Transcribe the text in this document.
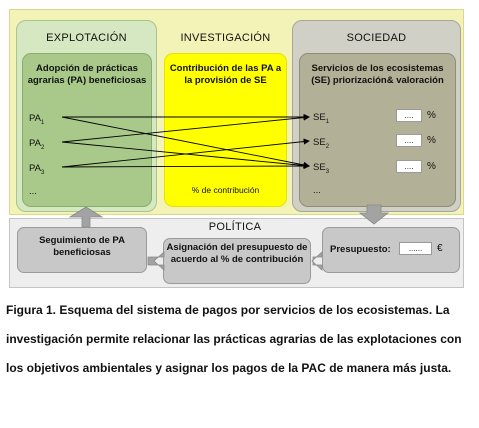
EXPLOTACIÓN
Adopción de prácticas agrarias (PA) beneficiosas
$PA_1$
$PA_2$
$PA_3$
...
INVESTIGACIÓN
Contribución de las PA a la provisión de SE
% de contribución
SOCIEDAD
Servicios de los ecosistemas (SE) priorización& valoración
$SE_1$
$SE_2$
$SE_3$
...
....	%
....	%
....	%
POLÍTICA
Seguimiento de PA beneficiosas	Asignación del presupuesto de acuerdo al % de contribución
Presupuesto:	......	€
Figura 1. Esquema del sistema de pagos por servicios de los ecosistemas. La investigación permite relacionar las prácticas agrarias de las explotaciones con los objetivos ambientales y asignar los pagos de la PAC de manera más justa.
